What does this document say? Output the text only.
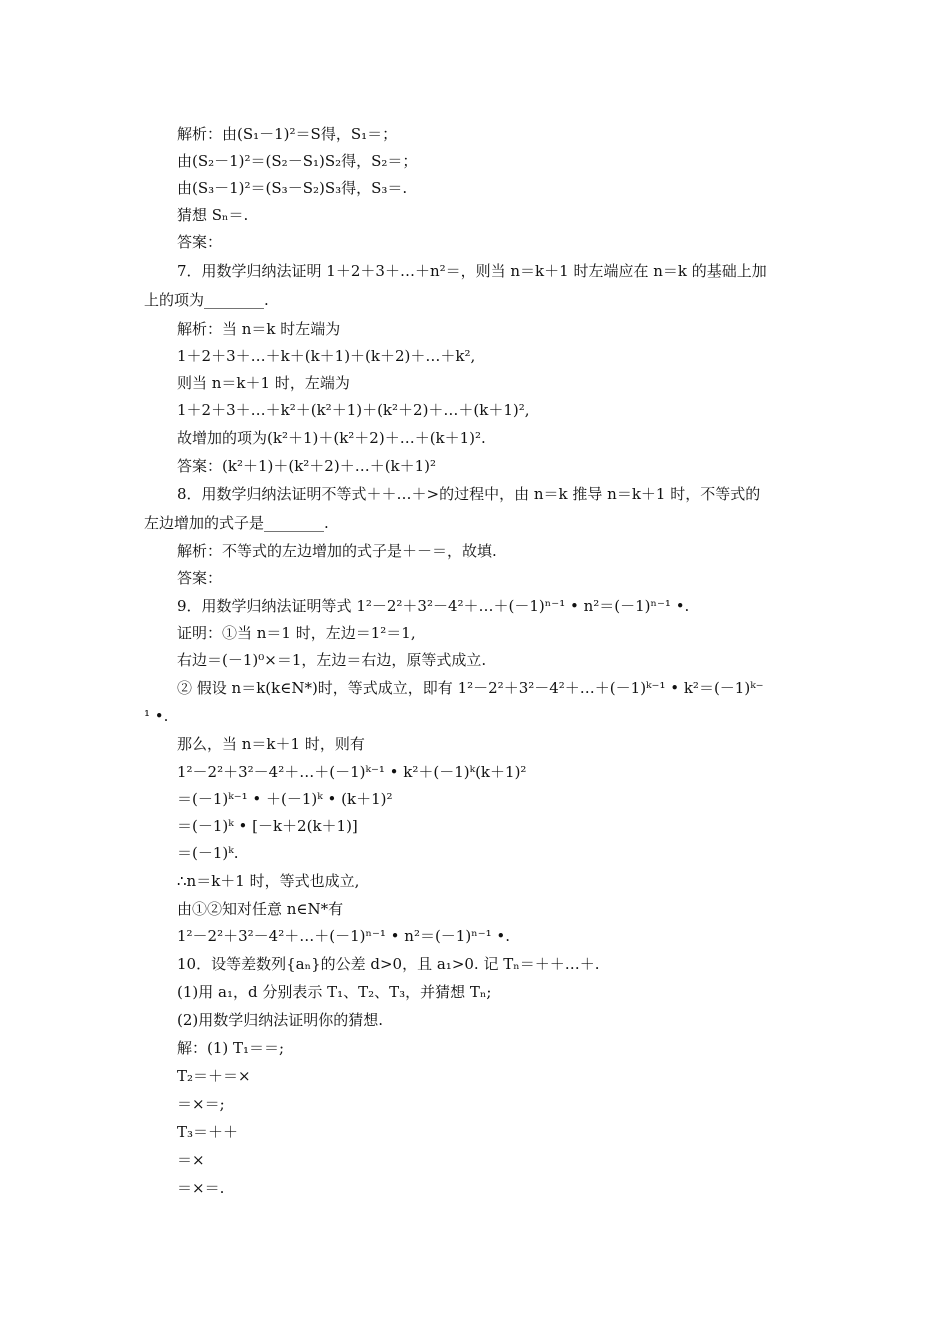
解析：由(S₁－1)²＝S得，S₁＝；
由(S₂－1)²＝(S₂－S₁)S₂得，S₂＝；
由(S₃－1)²＝(S₃－S₂)S₃得，S₃＝.
猜想 Sₙ＝.
答案：
7．用数学归纳法证明 1＋2＋3＋…＋n²＝，则当 n＝k＋1 时左端应在 n＝k 的基础上加
上的项为________.
解析：当 n＝k 时左端为
1＋2＋3＋…＋k＋(k＋1)＋(k＋2)＋…＋k²,
则当 n＝k＋1 时，左端为
1＋2＋3＋…＋k²＋(k²＋1)＋(k²＋2)＋…＋(k＋1)²,
故增加的项为(k²＋1)＋(k²＋2)＋…＋(k＋1)².
答案：(k²＋1)＋(k²＋2)＋…＋(k＋1)²
8．用数学归纳法证明不等式＋＋…＋>的过程中，由 n＝k 推导 n＝k＋1 时，不等式的
左边增加的式子是________.
解析：不等式的左边增加的式子是＋－＝，故填.
答案：
9．用数学归纳法证明等式 1²－2²＋3²－4²＋…＋(－1)ⁿ⁻¹ • n²＝(－1)ⁿ⁻¹ •.
证明：①当 n＝1 时，左边＝1²＝1,
右边＝(－1)⁰×＝1，左边＝右边，原等式成立.
② 假设 n＝k(k∈N*)时，等式成立，即有 1²－2²＋3²－4²＋…＋(－1)ᵏ⁻¹ • k²＝(－1)ᵏ⁻
¹ •.
那么，当 n＝k＋1 时，则有
1²－2²＋3²－4²＋…＋(－1)ᵏ⁻¹ • k²＋(－1)ᵏ(k＋1)²
＝(－1)ᵏ⁻¹ • ＋(－1)ᵏ • (k＋1)²
＝(－1)ᵏ • [－k＋2(k＋1)]
＝(－1)ᵏ.
∴n＝k＋1 时，等式也成立,
由①②知对任意 n∈N*有
1²－2²＋3²－4²＋…＋(－1)ⁿ⁻¹ • n²＝(－1)ⁿ⁻¹ •.
10．设等差数列{aₙ}的公差 d>0，且 a₁>0. 记 Tₙ＝＋＋…＋.
(1)用 a₁，d 分别表示 T₁、T₂、T₃，并猜想 Tₙ;
(2)用数学归纳法证明你的猜想.
解：(1) T₁＝＝;
T₂＝＋＝×
＝×＝;
T₃＝＋＋
＝×
＝×＝.
